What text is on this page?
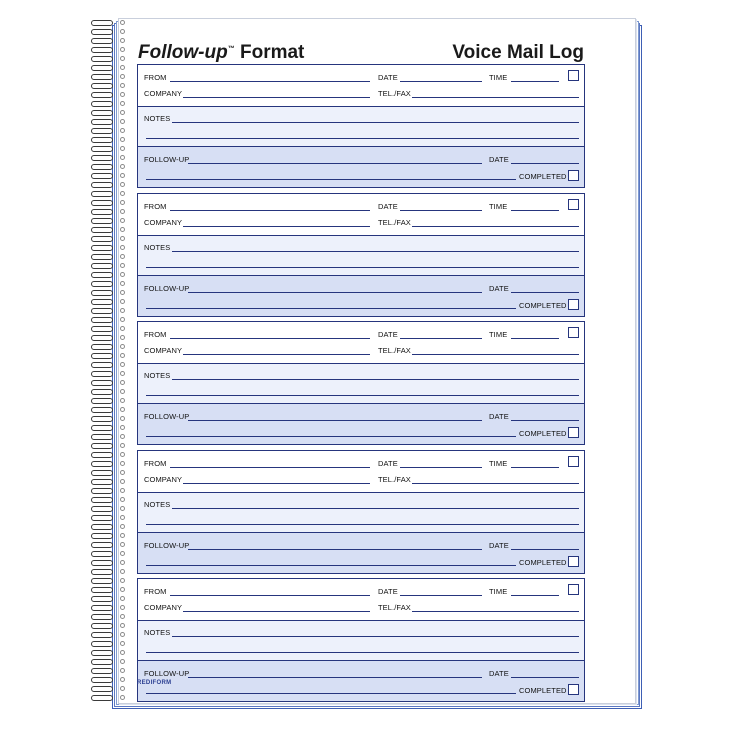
Follow-up™ Format	Voice Mail Log
FROM	DATE	TIME
COMPANY	TEL./FAX
NOTES
FOLLOW-UP	DATE
COMPLETED
FROM	DATE	TIME
COMPANY	TEL./FAX
NOTES
FOLLOW-UP	DATE
COMPLETED
FROM	DATE	TIME
COMPANY	TEL./FAX
NOTES
FOLLOW-UP	DATE
COMPLETED
FROM	DATE	TIME
COMPANY	TEL./FAX
NOTES
FOLLOW-UP	DATE
COMPLETED
FROM	DATE	TIME
COMPANY	TEL./FAX
NOTES
FOLLOW-UP	DATE
COMPLETED
REDIFORM
